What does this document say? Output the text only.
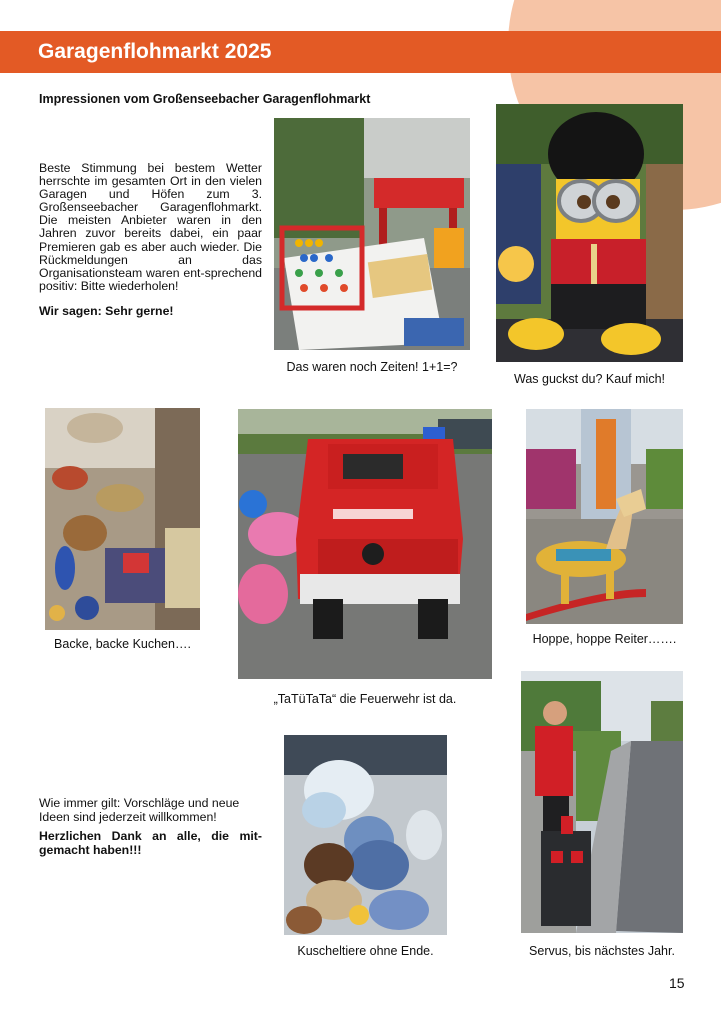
Garagenflohmarkt 2025
Impressionen vom Großenseebacher Garagenflohmarkt

Beste Stimmung bei bestem Wetter herrschte im gesamten Ort in den vielen Garagen und Höfen zum 3. Großenseebacher Garagenflohmarkt. Die meisten Anbieter waren in den Jahren zuvor bereits dabei, ein paar Premieren gab es aber auch wieder. Die Rückmeldungen an das Organisationsteam waren ent-sprechend positiv: Bitte wiederholen!

Wir sagen: Sehr gerne!
Das waren noch Zeiten! 1+1=?
Was guckst du? Kauf mich!
Backe, backe Kuchen….
„TaTüTaTa“ die Feuerwehr ist da.
Hoppe, hoppe Reiter…….
Kuscheltiere ohne Ende.	Servus, bis nächstes Jahr.
Wie immer gilt: Vorschläge und neue Ideen sind jederzeit willkommen!
Herzlichen Dank an alle, die mit-gemacht haben!!!
15
